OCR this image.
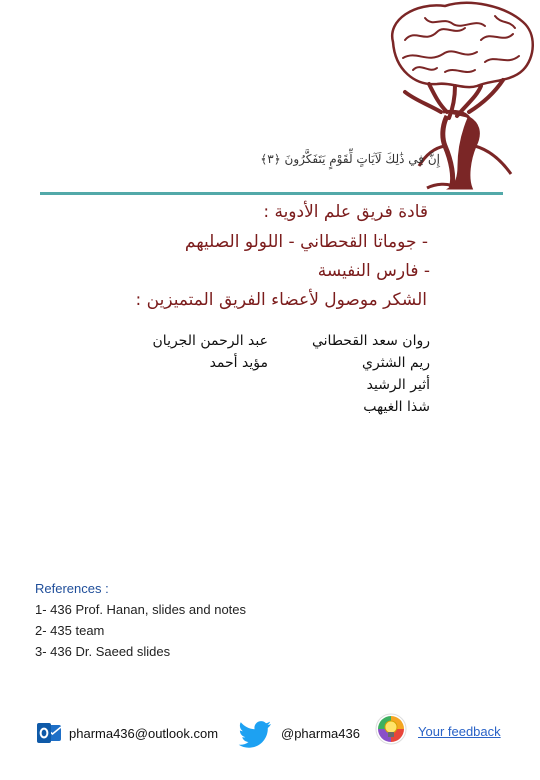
إِنَّ فِي ذَٰلِكَ لَآيَاتٍ لِّقَوْمٍ يَتَفَكَّرُونَ ﴿٣﴾
قادة فريق علم الأدوية :
- جوماتا القحطاني - اللولو الصليهم
- فارس النفيسة
الشكر موصول لأعضاء الفريق المتميزين :
روان سعد القحطاني
ريم الشثري
أثير الرشيد
شذا الغيهب
عبد الرحمن الجريان
مؤيد أحمد
References :
1- 436 Prof. Hanan, slides and notes
2- 435 team
3- 436 Dr. Saeed slides
pharma436@outlook.com	@pharma436	Your feedback
